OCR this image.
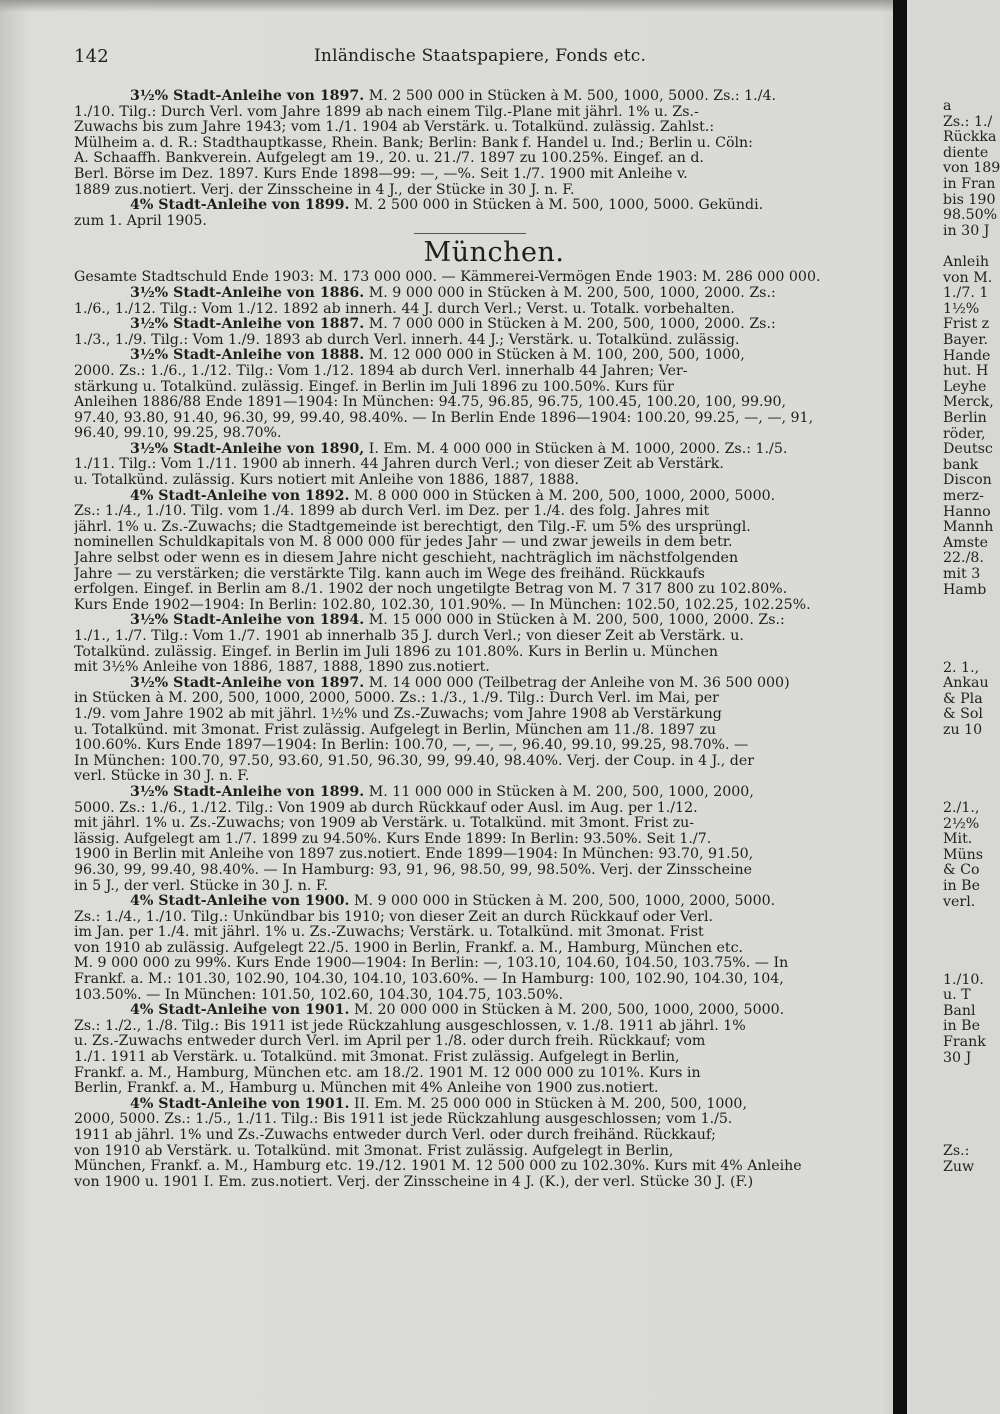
142	Inländische Staatspapiere, Fonds etc.
3½% Stadt-Anleihe von 1897. M. 2 500 000 in Stücken à M. 500, 1000, 5000. Zs.: 1./4.
1./10. Tilg.: Durch Verl. vom Jahre 1899 ab nach einem Tilg.-Plane mit jährl. 1% u. Zs.-
Zuwachs bis zum Jahre 1943; vom 1./1. 1904 ab Verstärk. u. Totalkünd. zulässig. Zahlst.:
Mülheim a. d. R.: Stadthauptkasse, Rhein. Bank; Berlin: Bank f. Handel u. Ind.; Berlin u. Cöln:
A. Schaaffh. Bankverein. Aufgelegt am 19., 20. u. 21./7. 1897 zu 100.25%. Eingef. an d.
Berl. Börse im Dez. 1897. Kurs Ende 1898—99: —, —%. Seit 1./7. 1900 mit Anleihe v.
1889 zus.notiert. Verj. der Zinsscheine in 4 J., der Stücke in 30 J. n. F.
4% Stadt-Anleihe von 1899. M. 2 500 000 in Stücken à M. 500, 1000, 5000. Gekündi.
zum 1. April 1905.
München.

Gesamte Stadtschuld Ende 1903: M. 173 000 000. — Kämmerei-Vermögen Ende 1903: M. 286 000 000.

3½% Stadt-Anleihe von 1886. M. 9 000 000 in Stücken à M. 200, 500, 1000, 2000. Zs.:
1./6., 1./12. Tilg.: Vom 1./12. 1892 ab innerh. 44 J. durch Verl.; Verst. u. Totalk. vorbehalten.
3½% Stadt-Anleihe von 1887. M. 7 000 000 in Stücken à M. 200, 500, 1000, 2000. Zs.:
1./3., 1./9. Tilg.: Vom 1./9. 1893 ab durch Verl. innerh. 44 J.; Verstärk. u. Totalkünd. zulässig.
3½% Stadt-Anleihe von 1888. M. 12 000 000 in Stücken à M. 100, 200, 500, 1000,
2000. Zs.: 1./6., 1./12. Tilg.: Vom 1./12. 1894 ab durch Verl. innerhalb 44 Jahren; Ver-
stärkung u. Totalkünd. zulässig. Eingef. in Berlin im Juli 1896 zu 100.50%. Kurs für
Anleihen 1886/88 Ende 1891—1904: In München: 94.75, 96.85, 96.75, 100.45, 100.20, 100, 99.90,
97.40, 93.80, 91.40, 96.30, 99, 99.40, 98.40%. — In Berlin Ende 1896—1904: 100.20, 99.25, —, —, 91,
96.40, 99.10, 99.25, 98.70%.
3½% Stadt-Anleihe von 1890, I. Em. M. 4 000 000 in Stücken à M. 1000, 2000. Zs.: 1./5.
1./11. Tilg.: Vom 1./11. 1900 ab innerh. 44 Jahren durch Verl.; von dieser Zeit ab Verstärk.
u. Totalkünd. zulässig. Kurs notiert mit Anleihe von 1886, 1887, 1888.
4% Stadt-Anleihe von 1892. M. 8 000 000 in Stücken à M. 200, 500, 1000, 2000, 5000.
Zs.: 1./4., 1./10. Tilg. vom 1./4. 1899 ab durch Verl. im Dez. per 1./4. des folg. Jahres mit
jährl. 1% u. Zs.-Zuwachs; die Stadtgemeinde ist berechtigt, den Tilg.-F. um 5% des ursprüngl.
nominellen Schuldkapitals von M. 8 000 000 für jedes Jahr — und zwar jeweils in dem betr.
Jahre selbst oder wenn es in diesem Jahre nicht geschieht, nachträglich im nächstfolgenden
Jahre — zu verstärken; die verstärkte Tilg. kann auch im Wege des freihänd. Rückkaufs
erfolgen. Eingef. in Berlin am 8./1. 1902 der noch ungetilgte Betrag von M. 7 317 800 zu 102.80%.
Kurs Ende 1902—1904: In Berlin: 102.80, 102.30, 101.90%. — In München: 102.50, 102.25, 102.25%.
3½% Stadt-Anleihe von 1894. M. 15 000 000 in Stücken à M. 200, 500, 1000, 2000. Zs.:
1./1., 1./7. Tilg.: Vom 1./7. 1901 ab innerhalb 35 J. durch Verl.; von dieser Zeit ab Verstärk. u.
Totalkünd. zulässig. Eingef. in Berlin im Juli 1896 zu 101.80%. Kurs in Berlin u. München
mit 3½% Anleihe von 1886, 1887, 1888, 1890 zus.notiert.
3½% Stadt-Anleihe von 1897. M. 14 000 000 (Teilbetrag der Anleihe von M. 36 500 000)
in Stücken à M. 200, 500, 1000, 2000, 5000. Zs.: 1./3., 1./9. Tilg.: Durch Verl. im Mai, per
1./9. vom Jahre 1902 ab mit jährl. 1½% und Zs.-Zuwachs; vom Jahre 1908 ab Verstärkung
u. Totalkünd. mit 3monat. Frist zulässig. Aufgelegt in Berlin, München am 11./8. 1897 zu
100.60%. Kurs Ende 1897—1904: In Berlin: 100.70, —, —, —, 96.40, 99.10, 99.25, 98.70%. —
In München: 100.70, 97.50, 93.60, 91.50, 96.30, 99, 99.40, 98.40%. Verj. der Coup. in 4 J., der
verl. Stücke in 30 J. n. F.
3½% Stadt-Anleihe von 1899. M. 11 000 000 in Stücken à M. 200, 500, 1000, 2000,
5000. Zs.: 1./6., 1./12. Tilg.: Von 1909 ab durch Rückkauf oder Ausl. im Aug. per 1./12.
mit jährl. 1% u. Zs.-Zuwachs; von 1909 ab Verstärk. u. Totalkünd. mit 3mont. Frist zu-
lässig. Aufgelegt am 1./7. 1899 zu 94.50%. Kurs Ende 1899: In Berlin: 93.50%. Seit 1./7.
1900 in Berlin mit Anleihe von 1897 zus.notiert. Ende 1899—1904: In München: 93.70, 91.50,
96.30, 99, 99.40, 98.40%. — In Hamburg: 93, 91, 96, 98.50, 99, 98.50%. Verj. der Zinsscheine
in 5 J., der verl. Stücke in 30 J. n. F.
4% Stadt-Anleihe von 1900. M. 9 000 000 in Stücken à M. 200, 500, 1000, 2000, 5000.
Zs.: 1./4., 1./10. Tilg.: Unkündbar bis 1910; von dieser Zeit an durch Rückkauf oder Verl.
im Jan. per 1./4. mit jährl. 1% u. Zs.-Zuwachs; Verstärk. u. Totalkünd. mit 3monat. Frist
von 1910 ab zulässig. Aufgelegt 22./5. 1900 in Berlin, Frankf. a. M., Hamburg, München etc.
M. 9 000 000 zu 99%. Kurs Ende 1900—1904: In Berlin: —, 103.10, 104.60, 104.50, 103.75%. — In
Frankf. a. M.: 101.30, 102.90, 104.30, 104.10, 103.60%. — In Hamburg: 100, 102.90, 104.30, 104,
103.50%. — In München: 101.50, 102.60, 104.30, 104.75, 103.50%.
4% Stadt-Anleihe von 1901. M. 20 000 000 in Stücken à M. 200, 500, 1000, 2000, 5000.
Zs.: 1./2., 1./8. Tilg.: Bis 1911 ist jede Rückzahlung ausgeschlossen, v. 1./8. 1911 ab jährl. 1%
u. Zs.-Zuwachs entweder durch Verl. im April per 1./8. oder durch freih. Rückkauf; vom
1./1. 1911 ab Verstärk. u. Totalkünd. mit 3monat. Frist zulässig. Aufgelegt in Berlin,
Frankf. a. M., Hamburg, München etc. am 18./2. 1901 M. 12 000 000 zu 101%. Kurs in
Berlin, Frankf. a. M., Hamburg u. München mit 4% Anleihe von 1900 zus.notiert.
4% Stadt-Anleihe von 1901. II. Em. M. 25 000 000 in Stücken à M. 200, 500, 1000,
2000, 5000. Zs.: 1./5., 1./11. Tilg.: Bis 1911 ist jede Rückzahlung ausgeschlossen; vom 1./5.
1911 ab jährl. 1% und Zs.-Zuwachs entweder durch Verl. oder durch freihänd. Rückkauf;
von 1910 ab Verstärk. u. Totalkünd. mit 3monat. Frist zulässig. Aufgelegt in Berlin,
München, Frankf. a. M., Hamburg etc. 19./12. 1901 M. 12 500 000 zu 102.30%. Kurs mit 4% Anleihe
von 1900 u. 1901 I. Em. zus.notiert. Verj. der Zinsscheine in 4 J. (K.), der verl. Stücke 30 J. (F.)
a
Zs.: 1./
Rückka
diente
von 189
in Fran
bis 190
98.50%
in 30 J
Anleih
von M.
1./7. 1
1½%
Frist z
Bayer.
Hande
hut. H
Leyhe
Merck,
Berlin
röder,
Deutsc
bank
Discon
merz-
Hanno
Mannh
Amste
22./8.
mit 3
Hamb
2. 1.,
Ankau
& Pla
& Sol
zu 10
2./1.,
2½%
Mit.
Müns
& Co
in Be
verl.
1./10.
u. T
Banl
in Be
Frank
30 J
Zs.:
Zuw
